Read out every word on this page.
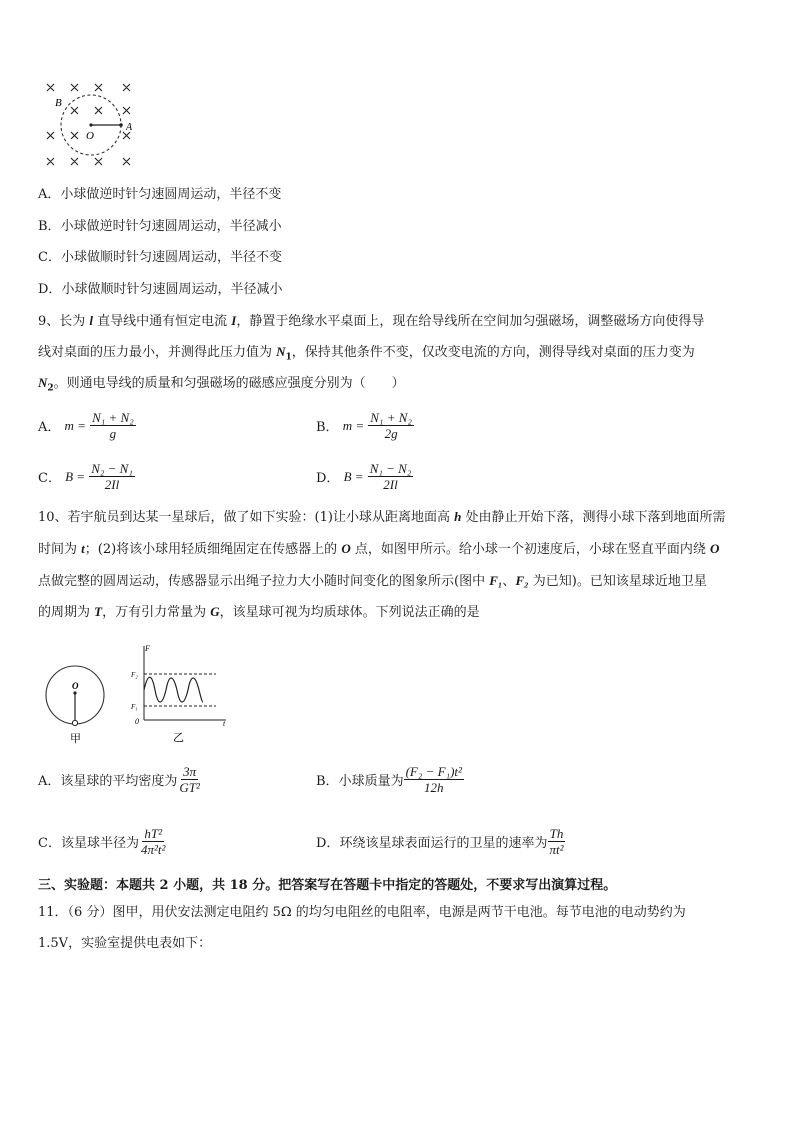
B
O
A
A．小球做逆时针匀速圆周运动，半径不变
B．小球做逆时针匀速圆周运动，半径减小
C．小球做顺时针匀速圆周运动，半径不变
D．小球做顺时针匀速圆周运动，半径减小
9、长为 l 直导线中通有恒定电流 I，静置于绝缘水平桌面上，现在给导线所在空间加匀强磁场，调整磁场方向使得导
线对桌面的压力最小，并测得此压力值为 $N_1$，保持其他条件不变，仅改变电流的方向，测得导线对桌面的压力变为
$N_2$。则通电导线的质量和匀强磁场的磁感应强度分别为（　　）
A．
m =
$\frac{\text{N₁ + N₂}}{g}$	B．
m =
$\frac{\text{N₁ + N₂}}{2g}$
C．
B =
$\frac{\text{N₂ − N₁}}{2Il}$	D．
B =
$\frac{\text{N₁ − N₂}}{2Il}$
10、若宇航员到达某一星球后，做了如下实验：(1)让小球从距离地面高 h 处由静止开始下落，测得小球下落到地面所需
时间为 t；(2)将该小球用轻质细绳固定在传感器上的 O 点，如图甲所示。给小球一个初速度后，小球在竖直平面内绕 O
点做完整的圆周运动，传感器显示出绳子拉力大小随时间变化的图象所示(图中 F₁、F₂ 为已知)。已知该星球近地卫星
的周期为 T，万有引力常量为 G，该星球可视为均质球体。下列说法正确的是
O
甲
F
F₂
F₁
0	t
乙
A． 该星球的平均密度为 $\frac{3\pi}{\text{GT²}}$	B． 小球质量为 $\frac{\text{(F₂ − F₁)t²}}{12h}$
C． 该星球半径为 $\frac{\text{hT²}}{\text{4π²t²}}$	D． 环绕该星球表面运行的卫星的速率为 $\frac{Th}{\text{πt²}}$
三、实验题：本题共 2 小题，共 18 分。把答案写在答题卡中指定的答题处，不要求写出演算过程。
11．（6 分）图甲，用伏安法测定电阻约 5Ω 的均匀电阻丝的电阻率，电源是两节干电池。每节电池的电动势约为
1.5V，实验室提供电表如下：
